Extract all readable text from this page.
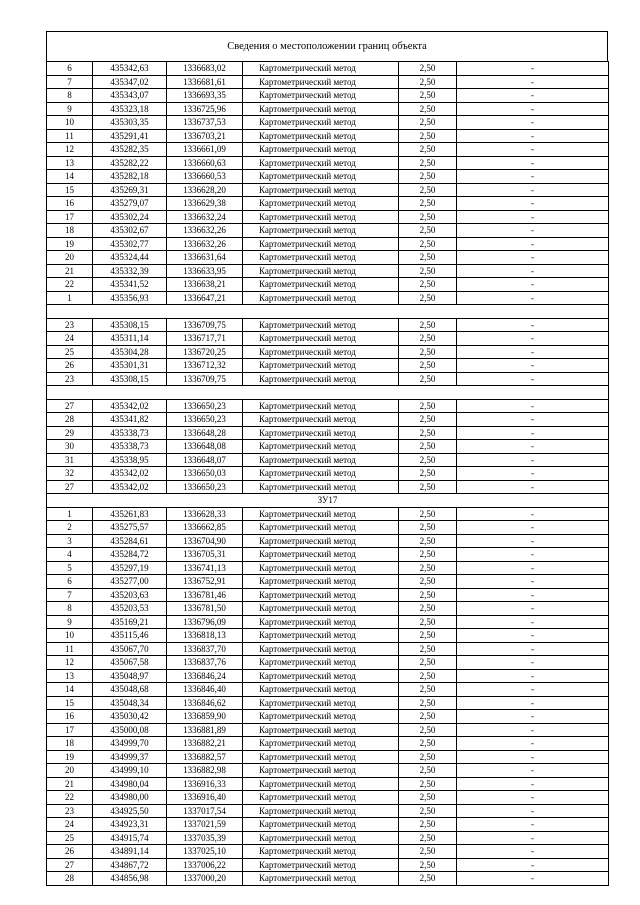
Сведения о местоположении границ объекта
6	435342,63	1336683,02	Картометрический метод	2,50	-
7	435347,02	1336681,61	Картометрический метод	2,50	-
8	435343,07	1336693,35	Картометрический метод	2,50	-
9	435323,18	1336725,96	Картометрический метод	2,50	-
10	435303,35	1336737,53	Картометрический метод	2,50	-
11	435291,41	1336703,21	Картометрический метод	2,50	-
12	435282,35	1336661,09	Картометрический метод	2,50	-
13	435282,22	1336660,63	Картометрический метод	2,50	-
14	435282,18	1336660,53	Картометрический метод	2,50	-
15	435269,31	1336628,20	Картометрический метод	2,50	-
16	435279,07	1336629,38	Картометрический метод	2,50	-
17	435302,24	1336632,24	Картометрический метод	2,50	-
18	435302,67	1336632,26	Картометрический метод	2,50	-
19	435302,77	1336632,26	Картометрический метод	2,50	-
20	435324,44	1336631,64	Картометрический метод	2,50	-
21	435332,39	1336633,95	Картометрический метод	2,50	-
22	435341,52	1336638,21	Картометрический метод	2,50	-
1	435356,93	1336647,21	Картометрический метод	2,50	-

23	435308,15	1336709,75	Картометрический метод	2,50	-
24	435311,14	1336717,71	Картометрический метод	2,50	-
25	435304,28	1336720,25	Картометрический метод	2,50	-
26	435301,31	1336712,32	Картометрический метод	2,50	-
23	435308,15	1336709,75	Картометрический метод	2,50	-

27	435342,02	1336650,23	Картометрический метод	2,50	-
28	435341,82	1336650,23	Картометрический метод	2,50	-
29	435338,73	1336648,28	Картометрический метод	2,50	-
30	435338,73	1336648,08	Картометрический метод	2,50	-
31	435338,95	1336648,07	Картометрический метод	2,50	-
32	435342,02	1336650,03	Картометрический метод	2,50	-
27	435342,02	1336650,23	Картометрический метод	2,50	-
ЗУ17					
1	435261,83	1336628,33	Картометрический метод	2,50	-
2	435275,57	1336662,85	Картометрический метод	2,50	-
3	435284,61	1336704,90	Картометрический метод	2,50	-
4	435284,72	1336705,31	Картометрический метод	2,50	-
5	435297,19	1336741,13	Картометрический метод	2,50	-
6	435277,00	1336752,91	Картометрический метод	2,50	-
7	435203,63	1336781,46	Картометрический метод	2,50	-
8	435203,53	1336781,50	Картометрический метод	2,50	-
9	435169,21	1336796,09	Картометрический метод	2,50	-
10	435115,46	1336818,13	Картометрический метод	2,50	-
11	435067,70	1336837,70	Картометрический метод	2,50	-
12	435067,58	1336837,76	Картометрический метод	2,50	-
13	435048,97	1336846,24	Картометрический метод	2,50	-
14	435048,68	1336846,40	Картометрический метод	2,50	-
15	435048,34	1336846,62	Картометрический метод	2,50	-
16	435030,42	1336859,90	Картометрический метод	2,50	-
17	435000,08	1336881,89	Картометрический метод	2,50	-
18	434999,70	1336882,21	Картометрический метод	2,50	-
19	434999,37	1336882,57	Картометрический метод	2,50	-
20	434999,10	1336882,98	Картометрический метод	2,50	-
21	434980,04	1336916,33	Картометрический метод	2,50	-
22	434980,00	1336916,40	Картометрический метод	2,50	-
23	434925,50	1337017,54	Картометрический метод	2,50	-
24	434923,31	1337021,59	Картометрический метод	2,50	-
25	434915,74	1337035,39	Картометрический метод	2,50	-
26	434891,14	1337025,10	Картометрический метод	2,50	-
27	434867,72	1337006,22	Картометрический метод	2,50	-
28	434856,98	1337000,20	Картометрический метод	2,50	-
